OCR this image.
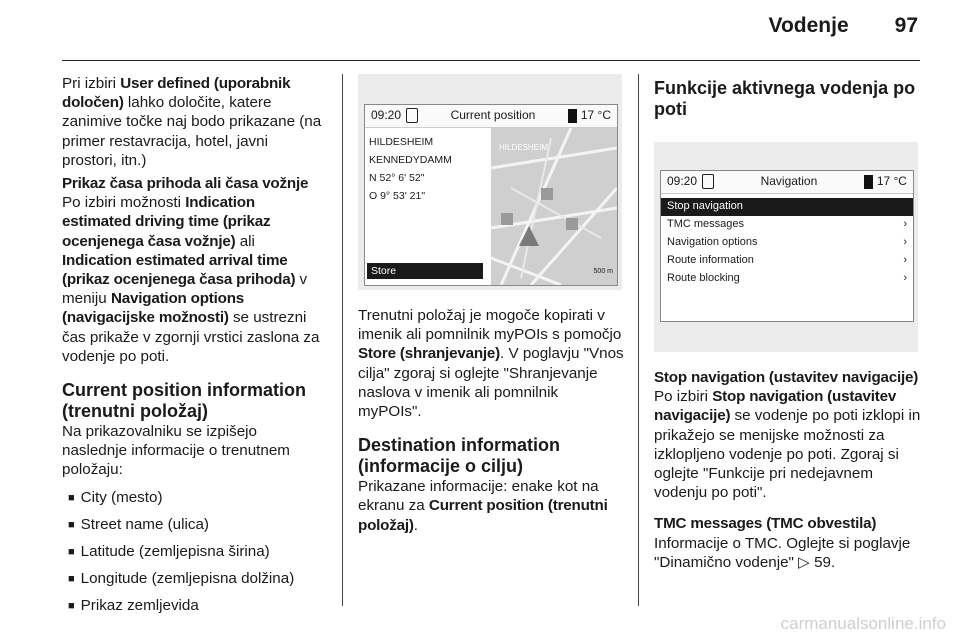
Vodenje 97

Pri izbiri User defined (uporabnik določen) lahko določite, katere zanimive točke naj bodo prikazane (na primer restavracija, hotel, javni prostori, itn.)

Prikaz časa prihoda ali časa vožnje

Po izbiri možnosti Indication estimated driving time (prikaz ocenjenega časa vožnje) ali Indication estimated arrival time (prikaz ocenjenega časa prihoda) v meniju Navigation options (navigacijske možnosti) se ustrezni čas prikaže v zgornji vrstici zaslona za vodenje po poti.

Current position information (trenutni položaj)

Na prikazovalniku se izpišejo naslednje informacije o trenutnem položaju:

■ City (mesto)
■ Street name (ulica)
■ Latitude (zemljepisna širina)
■ Longitude (zemljepisna dolžina)
■ Prikaz zemljevida
09:20	Current position	17 °C
HILDESHEIM
KENNEDYDAMM
N 52° 6' 52"
O 9° 53' 21"
Store
HILDESHEIM
500 m

Trenutni položaj je mogoče kopirati v imenik ali pomnilnik myPOIs s pomočjo Store (shranjevanje). V poglavju "Vnos cilja" zgoraj si oglejte "Shranjevanje naslova v imenik ali pomnilnik myPOIs".

Destination information (informacije o cilju)

Prikazane informacije: enake kot na ekranu za Current position (trenutni položaj).

Funkcije aktivnega vodenja po poti
09:20	Navigation	17 °C
Stop navigation
TMC messages	›
Navigation options	›
Route information	›
Route blocking	›

Stop navigation (ustavitev navigacije)

Po izbiri Stop navigation (ustavitev navigacije) se vodenje po poti izklopi in prikažejo se menijske možnosti za izklopljeno vodenje po poti. Zgoraj si oglejte "Funkcije pri nedejavnem vodenju po poti".

TMC messages (TMC obvestila)

Informacije o TMC. Oglejte si poglavje "Dinamično vodenje" ▷ 59.

carmanualsonline.info
